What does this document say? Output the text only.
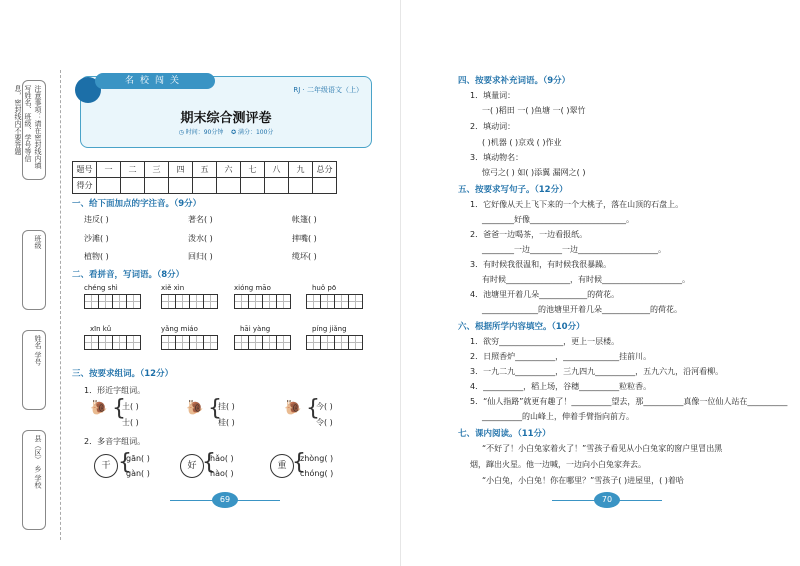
注意事项：请在密封线内填写姓名、班级、学号等信息，密封线内不要答题
班级
姓名 学号
县（区） 乡 学校
名校闯关
RJ · 二年级语文（上）
期末综合测评卷
◷ 时间：90分钟 ✪ 满分：100分
题号	一	二	三	四	五	六	七	八	九	总分
得分										
一、给下面加点的字注音。（9分）
违反( )	著名( )	帐篷( )
沙滩( )	泼水( )	摔嘴( )
植物( )	回归( )	缆坏( )
二、看拼音，写词语。（8分）
chéng shì	xiě xìn	xióng māo	huǒ pō
xīn kǔ	yǎng miáo	hāi yàng	píng jiǎng
三、按要求组词。（12分）
1．形近字组词。
🐌 {
土( )
士( )
🐌 {
挂( )
桂( )
🐌 {
今( )
令( )
2．多音字组词。
干 {
gān( )
gàn( )
好 {
hǎo( )
hào( )
重 {
zhòng( )
chóng( )
69
四、按要求补充词语。（9分）
1．填量词：
一( )稻田 一( )鱼塘 一( )翠竹
2．填动词：
( )机器 ( )京戏 ( )作业
3．填动物名：
惊弓之( ) 如( )添翼 漏网之( )
五、按要求写句子。（12分）
1．它好像从天上飞下来的一个大桃子，落在山顶的石盘上。
________好像________________________。
2．爸爸一边喝茶，一边看报纸。
________一边________一边____________________。
3．有时候我很温和，有时候我很暴躁。
有时候________________，有时候____________________。
4．池塘里开着几朵____________的荷花。
______________的池塘里开着几朵____________的荷花。
六、根据所学内容填空。（10分）
1．欲穷________________，更上一层楼。
2．日照香炉__________，______________挂前川。
3．一九二九__________，三九四九__________，五九六九，沿河看柳。
4．__________，稻上场，谷穗__________粒粒香。
5．“仙人指路”就更有趣了！__________望去，那__________真像一位仙人站在__________
__________的山峰上，伸着手臂指向前方。
七、课内阅读。（11分）
“不好了！小白兔家着火了！”雪孩子看见从小白兔家的窗户里冒出黑
烟，蹿出火星。他一边喊，一边向小白兔家奔去。
“小白兔，小白兔！你在哪里？”雪孩子( )进屋里，( )着哈
70
